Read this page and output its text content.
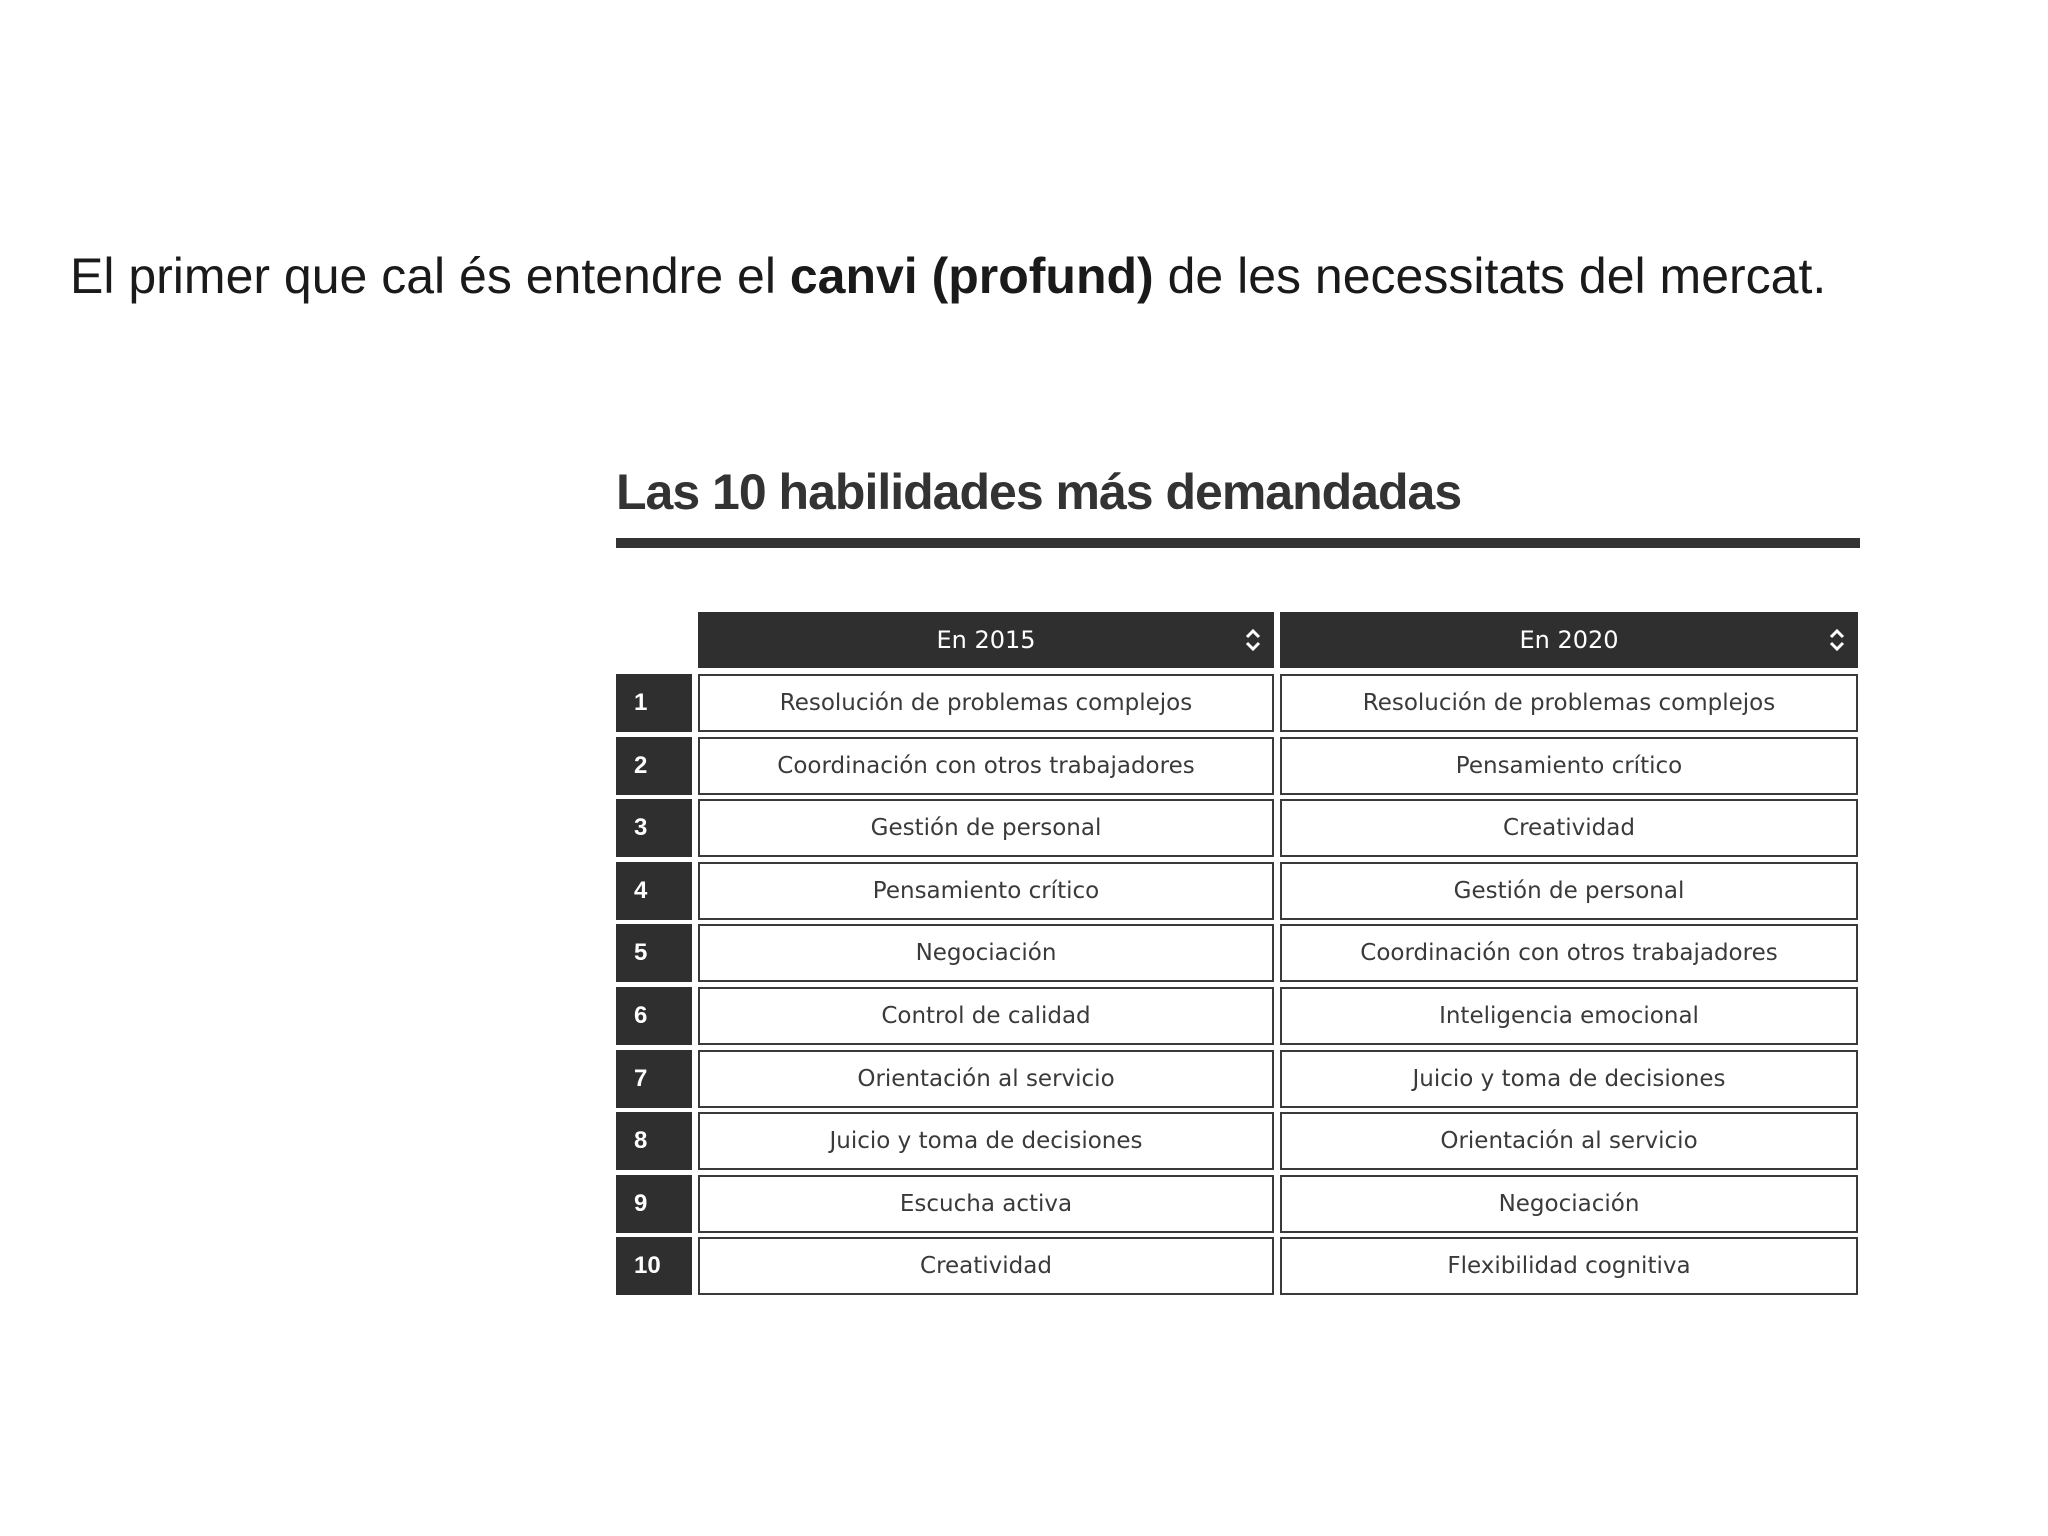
El primer que cal és entendre el canvi (profund) de les necessitats del mercat.
Las 10 habilidades más demandadas
En 2015	En 2020
1	Resolución de problemas complejos	Resolución de problemas complejos
2	Coordinación con otros trabajadores	Pensamiento crítico
3	Gestión de personal	Creatividad
4	Pensamiento crítico	Gestión de personal
5	Negociación	Coordinación con otros trabajadores
6	Control de calidad	Inteligencia emocional
7	Orientación al servicio	Juicio y toma de decisiones
8	Juicio y toma de decisiones	Orientación al servicio
9	Escucha activa	Negociación
10	Creatividad	Flexibilidad cognitiva
